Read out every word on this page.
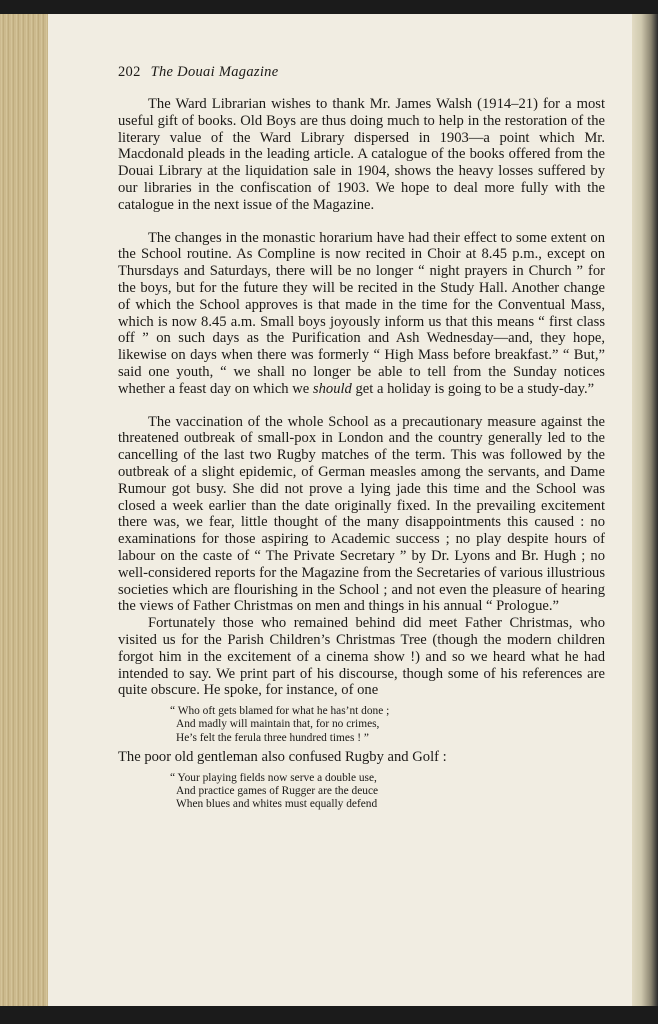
202 The Douai Magazine

The Ward Librarian wishes to thank Mr. James Walsh (1914–21) for a most useful gift of books. Old Boys are thus doing much to help in the restoration of the literary value of the Ward Library dispersed in 1903—a point which Mr. Macdonald pleads in the leading article. A catalogue of the books offered from the Douai Library at the liquidation sale in 1904, shows the heavy losses suffered by our libraries in the confiscation of 1903. We hope to deal more fully with the catalogue in the next issue of the Magazine.

The changes in the monastic horarium have had their effect to some extent on the School routine. As Compline is now recited in Choir at 8.45 p.m., except on Thursdays and Saturdays, there will be no longer “ night prayers in Church ” for the boys, but for the future they will be recited in the Study Hall. Another change of which the School approves is that made in the time for the Conventual Mass, which is now 8.45 a.m. Small boys joyously inform us that this means “ first class off ” on such days as the Purification and Ash Wednesday—and, they hope, likewise on days when there was formerly “ High Mass before breakfast.” “ But,” said one youth, “ we shall no longer be able to tell from the Sunday notices whether a feast day on which we should get a holiday is going to be a study-day.”

The vaccination of the whole School as a precautionary measure against the threatened outbreak of small-pox in London and the country generally led to the cancelling of the last two Rugby matches of the term. This was followed by the outbreak of a slight epidemic, of German measles among the servants, and Dame Rumour got busy. She did not prove a lying jade this time and the School was closed a week earlier than the date originally fixed. In the prevailing excitement there was, we fear, little thought of the many disappointments this caused : no examinations for those aspiring to Academic success ; no play despite hours of labour on the caste of “ The Private Secretary ” by Dr. Lyons and Br. Hugh ; no well-considered reports for the Magazine from the Secretaries of various illustrious societies which are flourishing in the School ; and not even the pleasure of hearing the views of Father Christmas on men and things in his annual “ Prologue.”

Fortunately those who remained behind did meet Father Christmas, who visited us for the Parish Children’s Christmas Tree (though the modern children forgot him in the excitement of a cinema show !) and so we heard what he had intended to say. We print part of his discourse, though some of his references are quite obscure. He spoke, for instance, of one

“ Who oft gets blamed for what he has’nt done ;
And madly will maintain that, for no crimes,
He’s felt the ferula three hundred times ! ”

The poor old gentleman also confused Rugby and Golf :

“ Your playing fields now serve a double use,
And practice games of Rugger are the deuce
When blues and whites must equally defend
